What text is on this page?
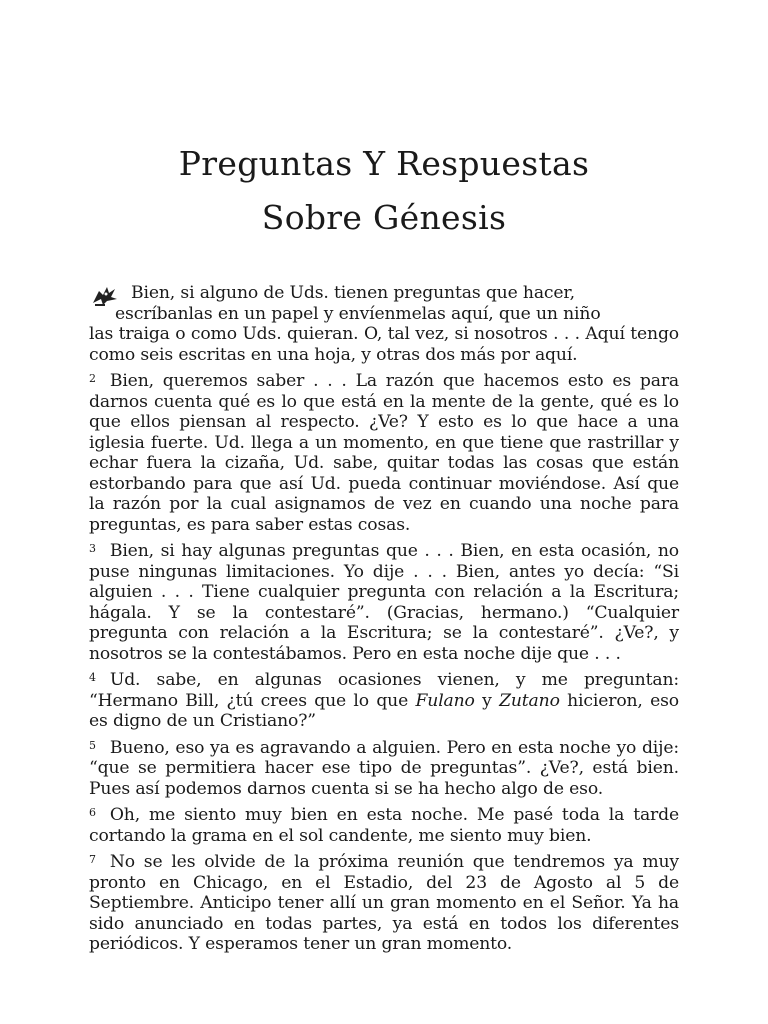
Preguntas Y Respuestas
Sobre Génesis

Bien, si alguno de Uds. tienen preguntas que hacer,
escríbanlas en un papel y envíenmelas aquí, que un niño
las traiga o como Uds. quieran. O, tal vez, si nosotros . . . Aquí tengo como seis escritas en una hoja, y otras dos más por aquí.

$^2$ Bien, queremos saber . . . La razón que hacemos esto es para darnos cuenta qué es lo que está en la mente de la gente, qué es lo que ellos piensan al respecto. ¿Ve? Y esto es lo que hace a una iglesia fuerte. Ud. llega a un momento, en que tiene que rastrillar y echar fuera la cizaña, Ud. sabe, quitar todas las cosas que están estorbando para que así Ud. pueda continuar moviéndose. Así que la razón por la cual asignamos de vez en cuando una noche para preguntas, es para saber estas cosas.

$^3$ Bien, si hay algunas preguntas que . . . Bien, en esta ocasión, no puse ningunas limitaciones. Yo dije . . . Bien, antes yo decía: “Si alguien . . . Tiene cualquier pregunta con relación a la Escritura; hágala. Y se la contestaré”. (Gracias, hermano.) “Cualquier pregunta con relación a la Escritura; se la contestaré”. ¿Ve?, y nosotros se la contestábamos. Pero en esta noche dije que . . .

$^4$ Ud. sabe, en algunas ocasiones vienen, y me preguntan: “Hermano Bill, ¿tú crees que lo que Fulano y Zutano hicieron, eso es digno de un Cristiano?”

$^5$ Bueno, eso ya es agravando a alguien. Pero en esta noche yo dije: “que se permitiera hacer ese tipo de preguntas”. ¿Ve?, está bien. Pues así podemos darnos cuenta si se ha hecho algo de eso.

$^6$ Oh, me siento muy bien en esta noche. Me pasé toda la tarde cortando la grama en el sol candente, me siento muy bien.

$^7$ No se les olvide de la próxima reunión que tendremos ya muy pronto en Chicago, en el Estadio, del 23 de Agosto al 5 de Septiembre. Anticipo tener allí un gran momento en el Señor. Ya ha sido anunciado en todas partes, ya está en todos los diferentes periódicos. Y esperamos tener un gran momento.
